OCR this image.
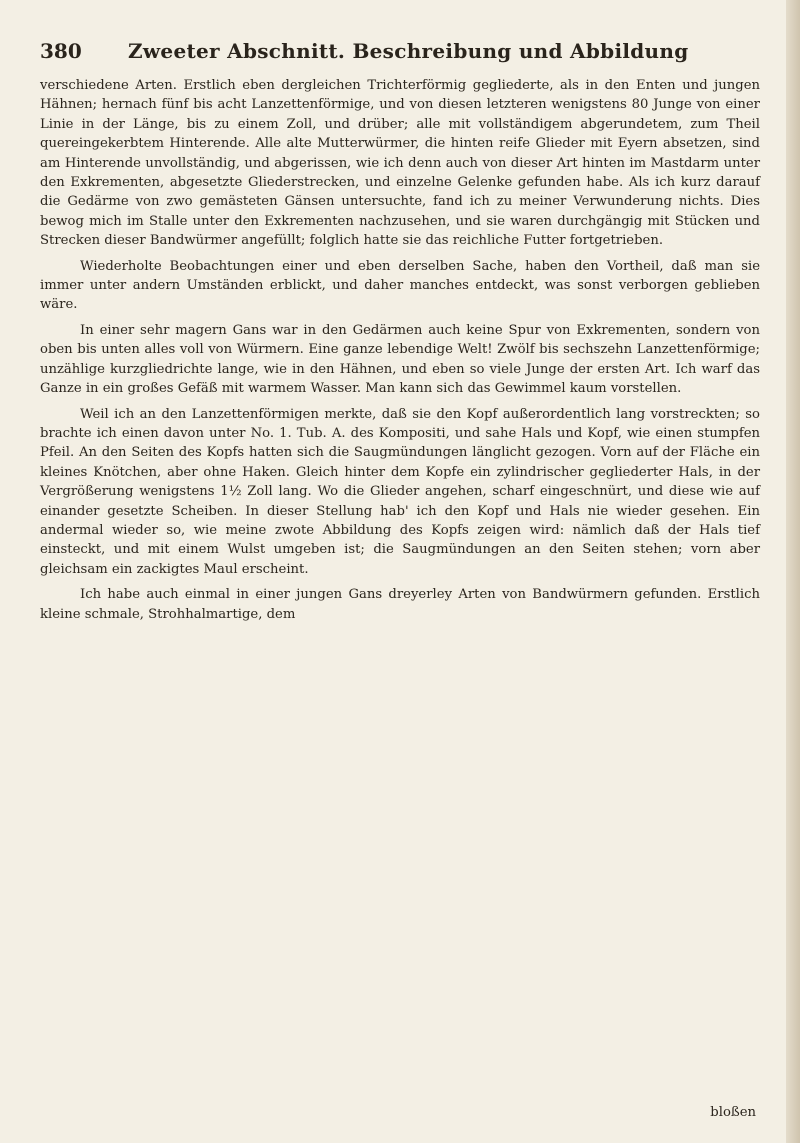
380 Zweeter Abschnitt. Beschreibung und Abbildung

verschiedene Arten. Erstlich eben dergleichen Trichterförmig gegliederte, als in den Enten und jungen Hähnen; hernach fünf bis acht Lanzettenförmige, und von diesen letzteren wenigstens 80 Junge von einer Linie in der Länge, bis zu einem Zoll, und drüber; alle mit vollständigem abgerundetem, zum Theil quereingekerbtem Hinterende. Alle alte Mutterwürmer, die hinten reife Glieder mit Eyern absetzen, sind am Hinterende unvollständig, und abgerissen, wie ich denn auch von dieser Art hinten im Mastdarm unter den Exkrementen, abgesetzte Gliederstrecken, und einzelne Gelenke gefunden habe. Als ich kurz darauf die Gedärme von zwo gemästeten Gänsen untersuchte, fand ich zu meiner Verwunderung nichts. Dies bewog mich im Stalle unter den Exkrementen nachzusehen, und sie waren durchgängig mit Stücken und Strecken dieser Bandwürmer angefüllt; folglich hatte sie das reichliche Futter fortgetrieben.

Wiederholte Beobachtungen einer und eben derselben Sache, haben den Vortheil, daß man sie immer unter andern Umständen erblickt, und daher manches entdeckt, was sonst verborgen geblieben wäre.

In einer sehr magern Gans war in den Gedärmen auch keine Spur von Exkrementen, sondern von oben bis unten alles voll von Würmern. Eine ganze lebendige Welt! Zwölf bis sechszehn Lanzettenförmige; unzählige kurzgliedrichte lange, wie in den Hähnen, und eben so viele Junge der ersten Art. Ich warf das Ganze in ein großes Gefäß mit warmem Wasser. Man kann sich das Gewimmel kaum vorstellen.

Weil ich an den Lanzettenförmigen merkte, daß sie den Kopf außerordentlich lang vorstreckten; so brachte ich einen davon unter No. 1. Tub. A. des Kompositi, und sahe Hals und Kopf, wie einen stumpfen Pfeil. An den Seiten des Kopfs hatten sich die Saugmündungen länglicht gezogen. Vorn auf der Fläche ein kleines Knötchen, aber ohne Haken. Gleich hinter dem Kopfe ein zylindrischer gegliederter Hals, in der Vergrößerung wenigstens 1½ Zoll lang. Wo die Glieder angehen, scharf eingeschnürt, und diese wie auf einander gesetzte Scheiben. In dieser Stellung hab' ich den Kopf und Hals nie wieder gesehen. Ein andermal wieder so, wie meine zwote Abbildung des Kopfs zeigen wird: nämlich daß der Hals tief einsteckt, und mit einem Wulst umgeben ist; die Saugmündungen an den Seiten stehen; vorn aber gleichsam ein zackigtes Maul erscheint.

Ich habe auch einmal in einer jungen Gans dreyerley Arten von Bandwürmern gefunden. Erstlich kleine schmale, Strohhalmartige, dem

bloßen
